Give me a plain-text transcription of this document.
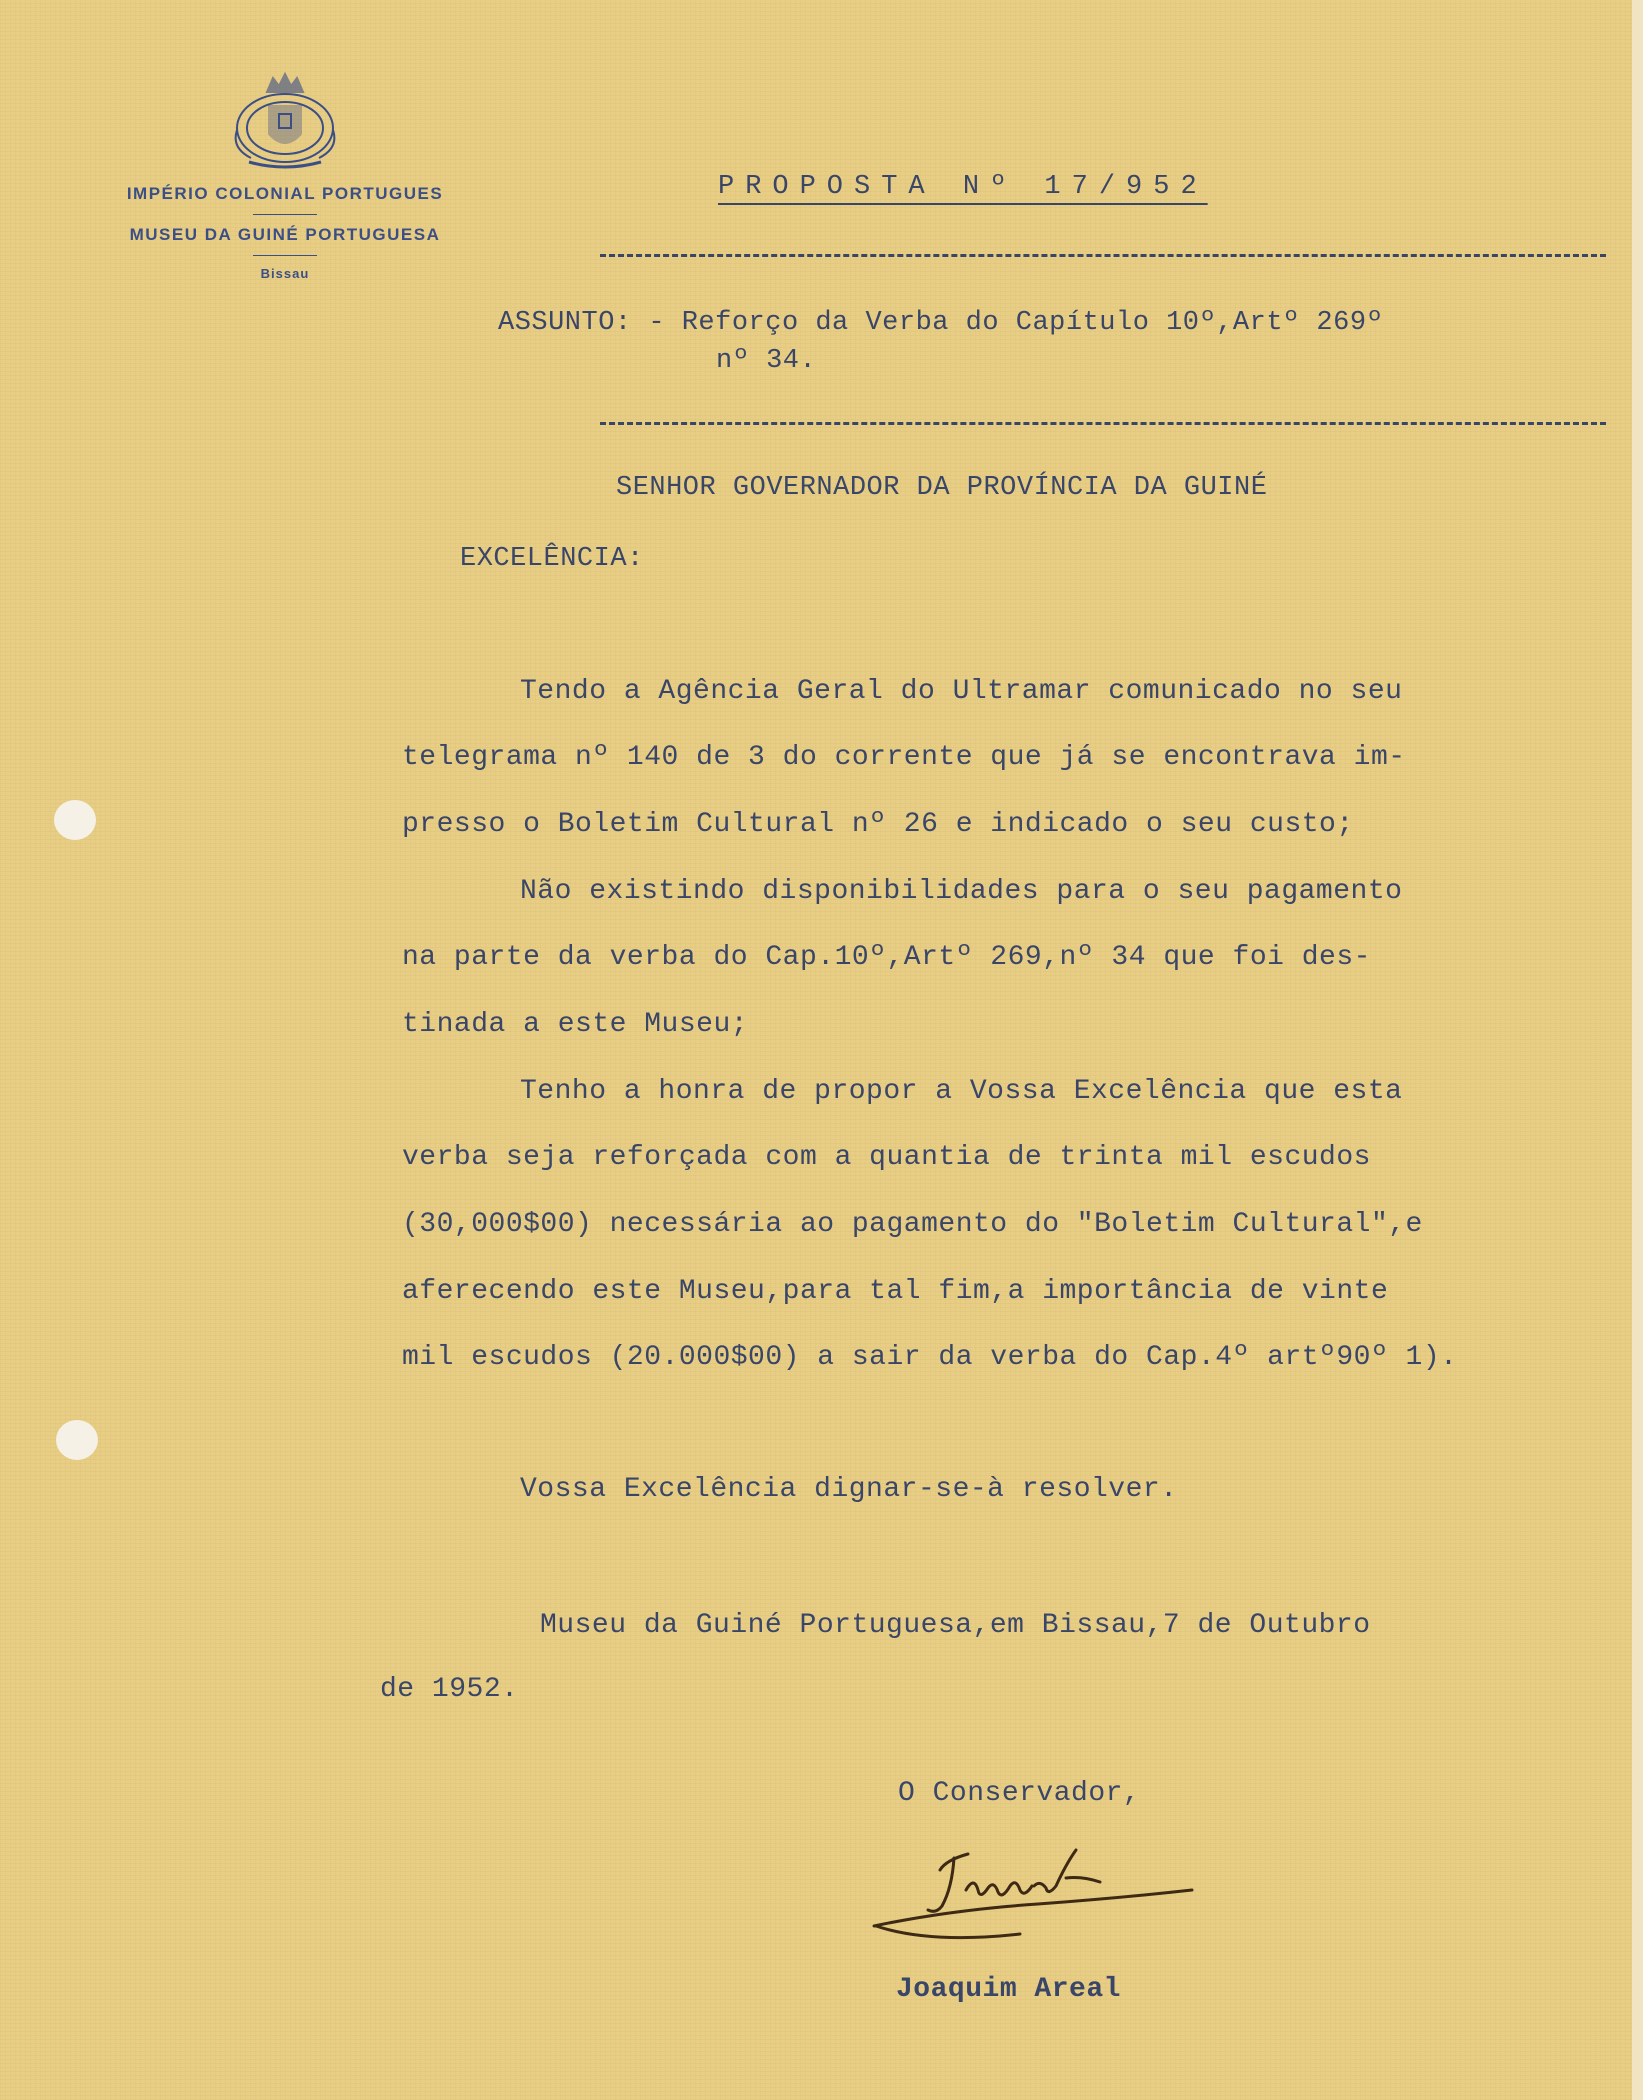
IMPÉRIO COLONIAL PORTUGUES
MUSEU DA GUINÉ PORTUGUESA
Bissau
PROPOSTA Nº 17/952
ASSUNTO: - Reforço da Verba do Capítulo 10º,Artº 269º
nº 34.
SENHOR GOVERNADOR DA PROVÍNCIA DA GUINÉ
EXCELÊNCIA:
Tendo a Agência Geral do Ultramar comunicado no seu
telegrama nº 140 de 3 do corrente que já se encontrava im-
presso o Boletim Cultural nº 26 e indicado o seu custo;
Não existindo disponibilidades para o seu pagamento
na parte da verba do Cap.10º,Artº 269,nº 34 que foi des-
tinada a este Museu;
Tenho a honra de propor a Vossa Excelência que esta
verba seja reforçada com a quantia de trinta mil escudos
(30,000$00) necessária ao pagamento do "Boletim Cultural",e
aferecendo este Museu,para tal fim,a importância de vinte
mil escudos (20.000$00) a sair da verba do Cap.4º artº90º 1).
Vossa Excelência dignar-se-à resolver.
Museu da Guiné Portuguesa,em Bissau,7 de Outubro
de 1952.
O Conservador,
Joaquim Areal
